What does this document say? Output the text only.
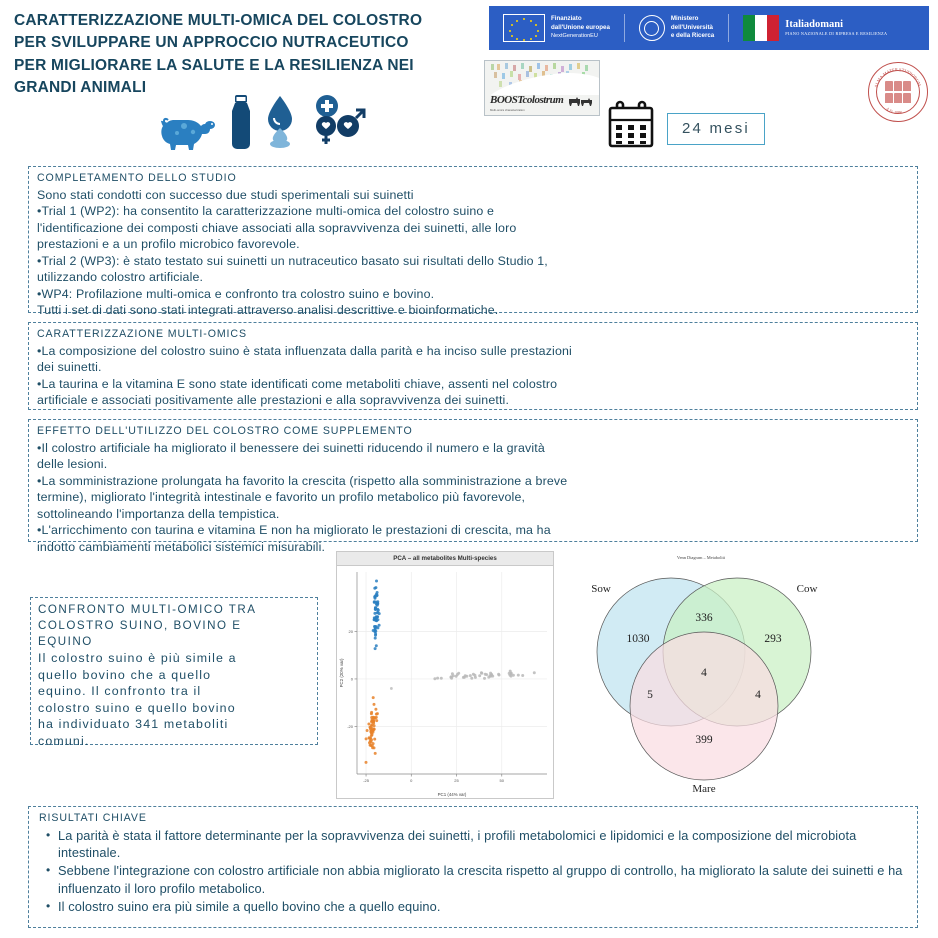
CARATTERIZZAZIONE MULTI-OMICA DEL COLOSTRO
PER SVILUPPARE UN APPROCCIO NUTRACEUTICO
PER MIGLIORARE LA SALUTE E LA RESILIENZA NEI
GRANDI ANIMALI
Finanziato
dall'Unione europea
NextGenerationEU
Ministero
dell'Università
e della Ricerca
Italiadomani
PIANO NAZIONALE DI RIPRESA E RESILIENZA
BOOSTcolostrum
Multi-omics characterization
24 mesi
ALMA MATER STUDIORUM
A.D. 1088
COMPLETAMENTO DELLO STUDIO
Sono stati condotti con successo due studi sperimentali sui suinetti
•Trial 1 (WP2): ha consentito la caratterizzazione multi-omica del colostro suino e
l'identificazione dei composti chiave associati alla sopravvivenza dei suinetti, alle loro
prestazioni e a un profilo microbico favorevole.
•Trial 2 (WP3): è stato testato sui suinetti un nutraceutico basato sui risultati dello Studio 1,
utilizzando colostro artificiale.
•WP4: Profilazione multi-omica e confronto tra colostro suino e bovino.
Tutti i set di dati sono stati integrati attraverso analisi descrittive e bioinformatiche.
CARATTERIZZAZIONE MULTI-OMICS
•La composizione del colostro suino è stata influenzata dalla parità e ha inciso sulle prestazioni
dei suinetti.
•La taurina e la vitamina E sono state identificati come metaboliti chiave, assenti nel colostro
artificiale e associati positivamente alle prestazioni e alla sopravvivenza dei suinetti.
EFFETTO DELL'UTILIZZO DEL COLOSTRO COME SUPPLEMENTO
•Il colostro artificiale ha migliorato il benessere dei suinetti riducendo il numero e la gravità
delle lesioni.
•La somministrazione prolungata ha favorito la crescita (rispetto alla somministrazione a breve
termine), migliorato l'integrità intestinale e favorito un profilo metabolico più favorevole,
sottolineando l'importanza della tempistica.
•L'arricchimento con taurina e vitamina E non ha migliorato le prestazioni di crescita, ma ha
indotto cambiamenti metabolici sistemici misurabili.
CONFRONTO MULTI-OMICO TRA
COLOSTRO SUINO, BOVINO E
EQUINO
Il colostro suino è più simile a
quello bovino che a quello
equino. Il confronto tra il
colostro suino e quello bovino
ha individuato 341 metaboliti
comuni.
PCA – all metabolites Multi-species
-25	0	25	50
-20
0
20
PC1 (44% var)
PC2 (20% var)
Venn Diagram – Metaboliti
Sow	Cow
Mare
1030	293
399
336
5	4
4
RISULTATI CHIAVE
• La parità è stata il fattore determinante per la sopravvivenza dei suinetti, i profili metabolomici e lipidomici e la composizione del microbiota intestinale.
• Sebbene l'integrazione con colostro artificiale non abbia migliorato la crescita rispetto al gruppo di controllo, ha migliorato la salute dei suinetti e ha influenzato il loro profilo metabolico.
• Il colostro suino era più simile a quello bovino che a quello equino.
